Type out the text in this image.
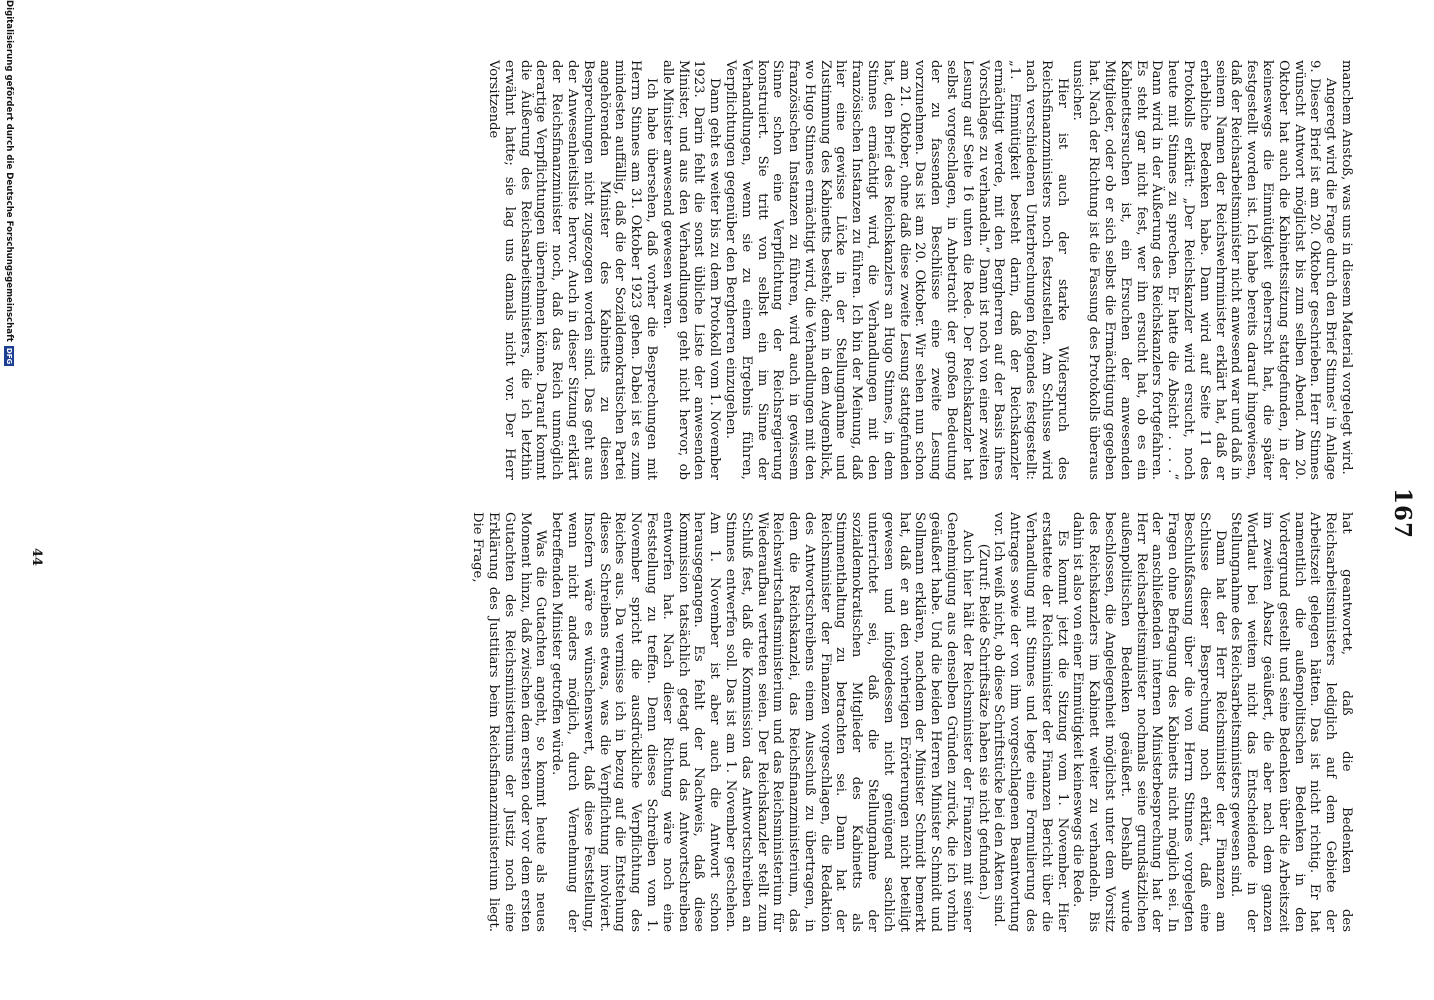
167

manchem Anstoß, was uns in diesem Material vorgelegt wird.

Angeregt wird die Frage durch den Brief Stinnes' in Anlage 9. Dieser Brief ist am 20. Oktober geschrieben. Herr Stinnes wünscht Antwort möglichst bis zum selben Abend. Am 20. Oktober hat auch die Kabinettssitzung stattgefunden, in der keineswegs die Einmütigkeit geherrscht hat, die später festgestellt worden ist. Ich habe bereits darauf hingewiesen, daß der Reichsarbeitsminister nicht anwesend war und daß in seinem Namen der Reichswehrminister erklärt hat, daß er erhebliche Bedenken habe. Dann wird auf Seite 11 des Protokolls erklärt: „Der Reichskanzler wird ersucht, noch heute mit Stinnes zu sprechen. Er hatte die Absicht . . . .“ Dann wird in der Äußerung des Reichskanzlers fortgefahren. Es steht gar nicht fest, wer ihn ersucht hat, ob es ein Kabinettsersuchen ist, ein Ersuchen der anwesenden Mitglieder, oder ob er sich selbst die Ermächtigung gegeben hat. Nach der Richtung ist die Fassung des Protokolls überaus unsicher.

Hier ist auch der starke Widerspruch des Reichsfinanzministers noch festzustellen. Am Schlusse wird nach verschiedenen Unterbrechungen folgendes festgestellt: „1. Einmütigkeit besteht darin, daß der Reichskanzler ermächtigt werde, mit den Bergherren auf der Basis ihres Vorschlages zu verhandeln.“ Dann ist noch von einer zweiten Lesung auf Seite 16 unten die Rede. Der Reichskanzler hat selbst vorgeschlagen, in Anbetracht der großen Bedeutung der zu fassenden Beschlüsse eine zweite Lesung vorzunehmen. Das ist am 20. Oktober. Wir sehen nun schon am 21. Oktober, ohne daß diese zweite Lesung stattgefunden hat, den Brief des Reichskanzlers an Hugo Stinnes, in dem Stinnes ermächtigt wird, die Verhandlungen mit den französischen Instanzen zu führen. Ich bin der Meinung, daß hier eine gewisse Lücke in der Stellungnahme und Zustimmung des Kabinetts besteht; denn in dem Augenblick, wo Hugo Stinnes ermächtigt wird, die Verhandlungen mit den französischen Instanzen zu führen, wird auch in gewissem Sinne schon eine Verpflichtung der Reichsregierung konstruiert. Sie tritt von selbst ein im Sinne der Verhandlungen, wenn sie zu einem Ergebnis führen, Verpflichtungen gegenüber den Bergherren einzugehen.

Dann geht es weiter bis zu dem Protokoll vom 1. November 1923. Darin fehlt die sonst übliche Liste der anwesenden Minister, und aus den Verhandlungen geht nicht hervor, ob alle Minister anwesend gewesen waren.

Ich habe übersehen, daß vorher die Besprechungen mit Herrn Stinnes am 31. Oktober 1923 gehen. Dabei ist es zum mindesten auffällig, daß die der Sozialdemokratischen Partei angehörenden Minister des Kabinetts zu diesen Besprechungen nicht zugezogen worden sind. Das geht aus der Anwesenheitsliste hervor. Auch in dieser Sitzung erklärt der Reichsfinanzminister noch, daß das Reich unmöglich derartige Verpflichtungen übernehmen könne. Darauf kommt die Äußerung des Reichsarbeitsministers, die ich letzthin erwähnt hatte; sie lag uns damals nicht vor. Der Herr Vorsitzende

hat geantwortet, daß die Bedenken des Reichsarbeitsministers lediglich auf dem Gebiete der Arbeitszeit gelegen hätten. Das ist nicht richtig. Er hat namentlich die außenpolitischen Bedenken in den Vordergrund gestellt und seine Bedenken über die Arbeitszeit im zweiten Absatz geäußert, die aber nach dem ganzen Wortlaut bei weitem nicht das Entscheidende in der Stellungnahme des Reichsarbeitsministers gewesen sind.

Dann hat der Herr Reichsminister der Finanzen am Schlusse dieser Besprechung noch erklärt, daß eine Beschlußfassung über die von Herrn Stinnes vorgelegten Fragen ohne Befragung des Kabinetts nicht möglich sei. In der anschließenden internen Ministerbesprechung hat der Herr Reichsarbeitsminister nochmals seine grundsätzlichen außenpolitischen Bedenken geäußert. Deshalb wurde beschlossen, die Angelegenheit möglichst unter dem Vorsitz des Reichskanzlers im Kabinett weiter zu verhandeln. Bis dahin ist also von einer Einmütigkeit keineswegs die Rede.

Es kommt jetzt die Sitzung vom 1. November. Hier erstattete der Reichsminister der Finanzen Bericht über die Verhandlung mit Stinnes und legte eine Formulierung des Antrages sowie der von ihm vorgeschlagenen Beantwortung vor. Ich weiß nicht, ob diese Schriftstücke bei den Akten sind.

(Zuruf: Beide Schriftsätze haben sie nicht gefunden.)

Auch hier hält der Reichsminister der Finanzen mit seiner Genehmigung aus denselben Gründen zurück, die ich vorhin geäußert habe. Und die beiden Herren Minister Schmidt und Sollmann erklären, nachdem der Minister Schmidt bemerkt hat, daß er an den vorherigen Erörterungen nicht beteiligt gewesen und infolgedessen nicht genügend sachlich unterrichtet sei, daß die Stellungnahme der sozialdemokratischen Mitglieder des Kabinetts als Stimmenthaltung zu betrachten sei. Dann hat der Reichsminister der Finanzen vorgeschlagen, die Redaktion des Antwortschreibens einem Ausschuß zu übertragen, in dem die Reichskanzlei, das Reichsfinanzministerium, das Reichswirtschaftsministerium und das Reichsministerium für Wiederaufbau vertreten seien. Der Reichskanzler stellt zum Schluß fest, daß die Kommission das Antwortschreiben an Stinnes entwerfen soll. Das ist am 1. November geschehen. Am 1. November ist aber auch die Antwort schon herausgegangen. Es fehlt der Nachweis, daß diese Kommission tatsächlich getagt und das Antwortschreiben entworfen hat. Nach dieser Richtung wäre noch eine Feststellung zu treffen. Denn dieses Schreiben vom 1. November spricht die ausdrückliche Verpflichtung des Reiches aus. Da vermisse ich in bezug auf die Entstehung dieses Schreibens etwas, was die Verpflichtung involviert. Insofern wäre es wünschenswert, daß diese Feststellung, wenn nicht anders möglich, durch Vernehmung der betreffenden Minister getroffen würde.

Was die Gutachten angeht, so kommt heute als neues Moment hinzu, daß zwischen dem ersten oder vor dem ersten Gutachten des Reichsministeriums der Justiz noch eine Erklärung des Justitiars beim Reichsfinanzministerium liegt. Die Frage,

44
Digitalisierung gefördert durch die Deutsche Forschungsgemeinschaft
DFG
